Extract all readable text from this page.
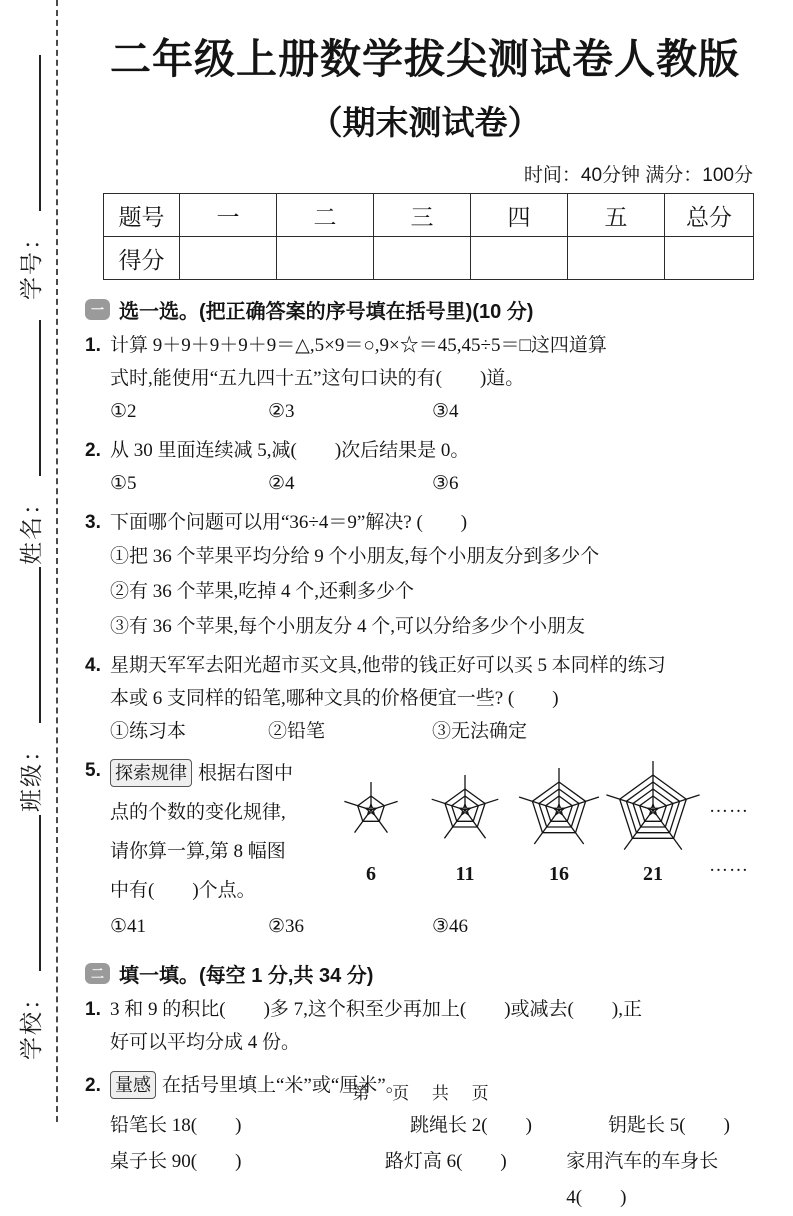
学号：
姓名：
班级：
学校：
二年级上册数学拔尖测试卷人教版
（期末测试卷）
时间：40分钟 满分：100分
题号	一	二	三	四	五	总分
得分						
一 选一选。(把正确答案的序号填在括号里)(10 分)
1. 计算 9＋9＋9＋9＋9＝△,5×9＝○,9×☆＝45,45÷5＝□这四道算
式时,能使用“五九四十五”这句口诀的有(　　)道。
①2	②3	③4
2. 从 30 里面连续减 5,减(　　)次后结果是 0。
①5	②4	③6
3. 下面哪个问题可以用“36÷4＝9”解决? (　　)
①把 36 个苹果平均分给 9 个小朋友,每个小朋友分到多少个
②有 36 个苹果,吃掉 4 个,还剩多少个
③有 36 个苹果,每个小朋友分 4 个,可以分给多少个小朋友
4. 星期天军军去阳光超市买文具,他带的钱正好可以买 5 本同样的练习
本或 6 支同样的铅笔,哪种文具的价格便宜一些? (　　)
①练习本	②铅笔	③无法确定
5. 探索规律 根据右图中
点的个数的变化规律,
请你算一算,第 8 幅图
中有(　　)个点。
6	11	16	21
……
……
①41	②36	③46
二 填一填。(每空 1 分,共 34 分)
1. 3 和 9 的积比(　　)多 7,这个积至少再加上(　　)或减去(　　),正
好可以平均分成 4 份。
2. 量感 在括号里填上“米”或“厘米”。
铅笔长 18(　　)	跳绳长 2(　　)	钥匙长 5(　　)
桌子长 90(　　)	路灯高 6(　　)	家用汽车的车身长 4(　　)
第 页 共 页
